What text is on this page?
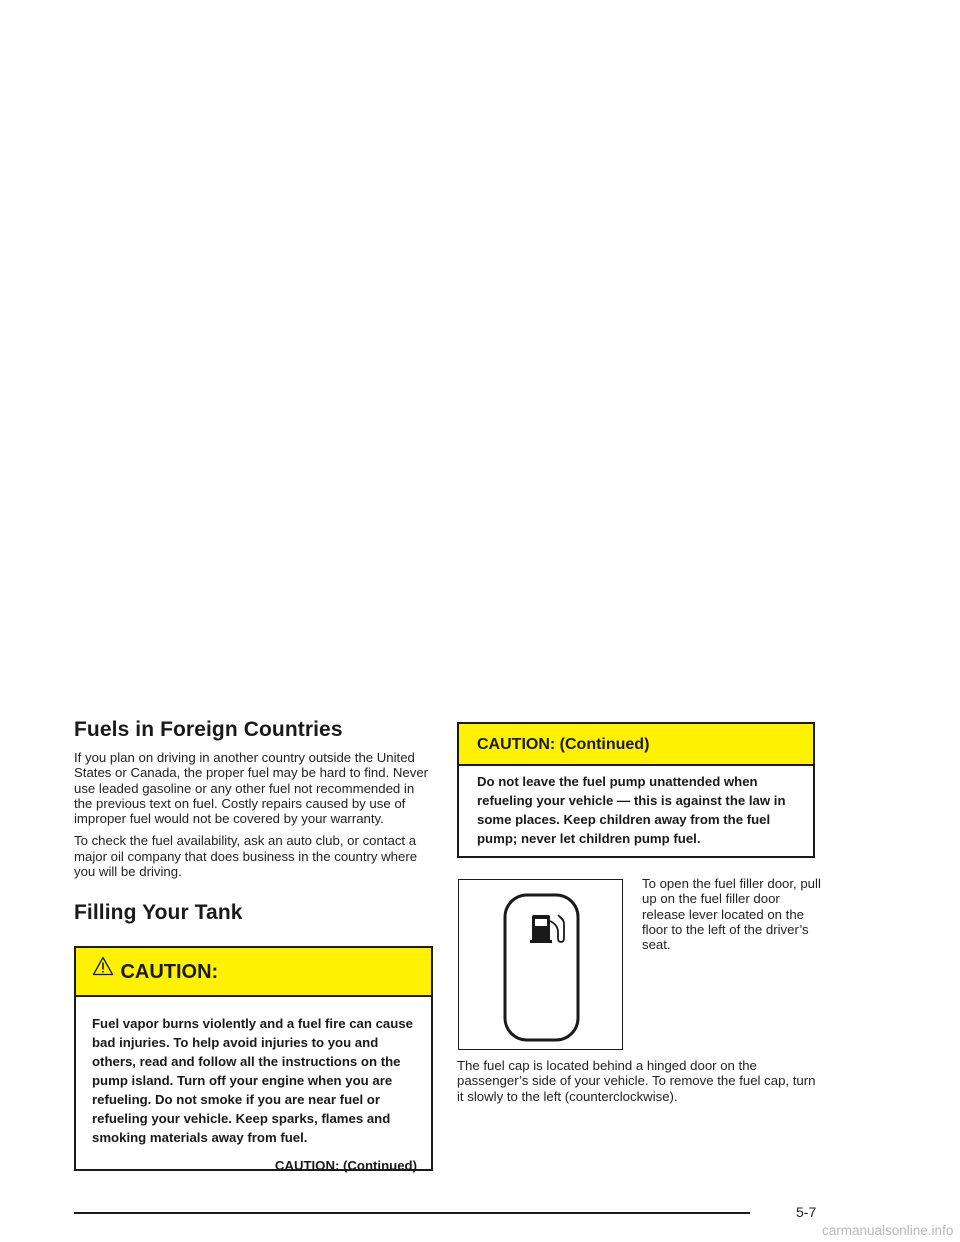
Fuels in Foreign Countries

If you plan on driving in another country outside the United States or Canada, the proper fuel may be hard to find. Never use leaded gasoline or any other fuel not recommended in the previous text on fuel. Costly repairs caused by use of improper fuel would not be covered by your warranty.

To check the fuel availability, ask an auto club, or contact a major oil company that does business in the country where you will be driving.

Filling Your Tank
CAUTION:

Fuel vapor burns violently and a fuel fire can cause bad injuries. To help avoid injuries to you and others, read and follow all the instructions on the pump island. Turn off your engine when you are refueling. Do not smoke if you are near fuel or refueling your vehicle. Keep sparks, flames and smoking materials away from fuel.

CAUTION: (Continued)

CAUTION: (Continued)

Do not leave the fuel pump unattended when refueling your vehicle — this is against the law in some places. Keep children away from the fuel pump; never let children pump fuel.

To open the fuel filler door, pull up on the fuel filler door release lever located on the floor to the left of the driver’s seat.

The fuel cap is located behind a hinged door on the passenger’s side of your vehicle. To remove the fuel cap, turn it slowly to the left (counterclockwise).

5-7
carmanualsonline.info
